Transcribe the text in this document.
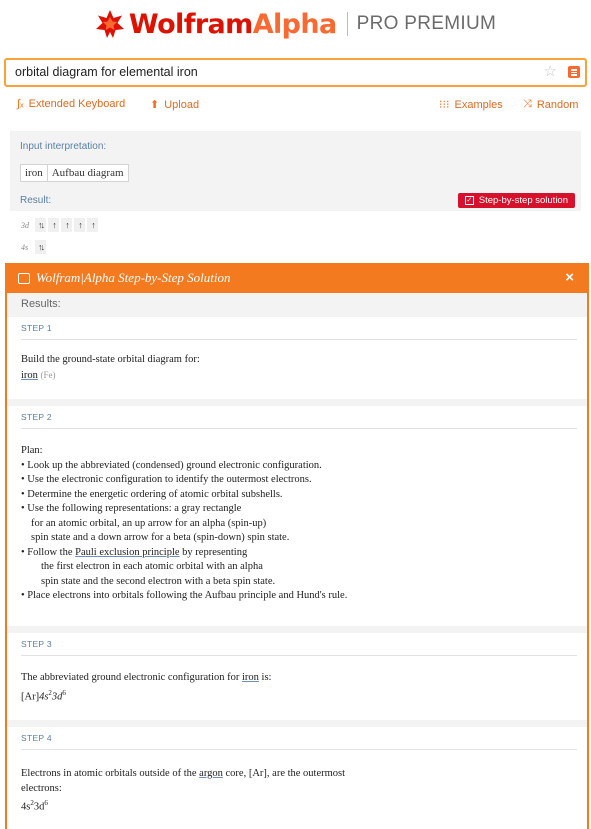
Wolfram Alpha PRO PREMIUM
orbital diagram for elemental iron
☆
∫ₓ Extended Keyboard ⬆ Upload	⁝⁝⁝ Examples ⤨ Random
Input interpretation:
iron Aufbau diagram
Result:	✓ Step-by-step solution
3d	↑↓	↑	↑	↑	↑
4s	↑↓
Wolfram|Alpha Step-by-Step Solution	×
Results:
STEP 1
Build the ground-state orbital diagram for:
iron (Fe)
STEP 2
Plan:
• Look up the abbreviated (condensed) ground electronic configuration.
• Use the electronic configuration to identify the outermost electrons.
• Determine the energetic ordering of atomic orbital subshells.
• Use the following representations: a gray rectangle
for an atomic orbital, an up arrow for an alpha (spin-up)
spin state and a down arrow for a beta (spin-down) spin state.
• Follow the Pauli exclusion principle by representing
the first electron in each atomic orbital with an alpha
spin state and the second electron with a beta spin state.
• Place electrons into orbitals following the Aufbau principle and Hund's rule.
STEP 3
The abbreviated ground electronic configuration for iron is:
$[Ar]4s^23d^6$
STEP 4
Electrons in atomic orbitals outside of the argon core, [Ar], are the outermost
electrons:
$4s^23d^6$
